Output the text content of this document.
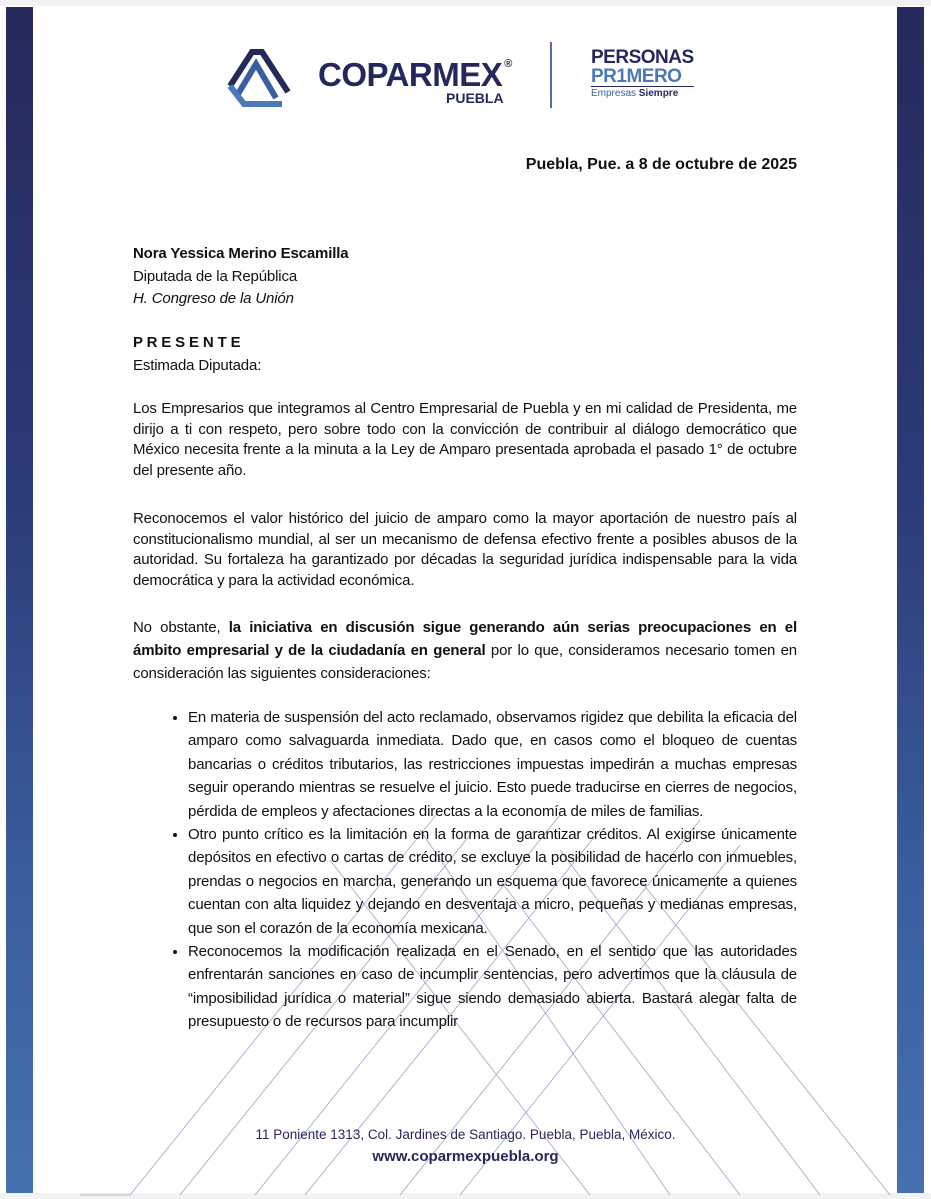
COPARMEX ®
PUEBLA
PERSONAS
PR1MERO
Empresas Siempre
Puebla, Pue. a 8 de octubre de 2025
Nora Yessica Merino Escamilla
Diputada de la República
H. Congreso de la Unión
P R E S E N T E
Estimada Diputada:
Los Empresarios que integramos al Centro Empresarial de Puebla y en mi calidad de Presidenta, me dirijo a ti con respeto, pero sobre todo con la convicción de contribuir al diálogo democrático que México necesita frente a la minuta a la Ley de Amparo presentada aprobada el pasado 1° de octubre del presente año.
Reconocemos el valor histórico del juicio de amparo como la mayor aportación de nuestro país al constitucionalismo mundial, al ser un mecanismo de defensa efectivo frente a posibles abusos de la autoridad. Su fortaleza ha garantizado por décadas la seguridad jurídica indispensable para la vida democrática y para la actividad económica.
No obstante, la iniciativa en discusión sigue generando aún serias preocupaciones en el ámbito empresarial y de la ciudadanía en general por lo que, consideramos necesario tomen en consideración las siguientes consideraciones:
• En materia de suspensión del acto reclamado, observamos rigidez que debilita la eficacia del amparo como salvaguarda inmediata. Dado que, en casos como el bloqueo de cuentas bancarias o créditos tributarios, las restricciones impuestas impedirán a muchas empresas seguir operando mientras se resuelve el juicio. Esto puede traducirse en cierres de negocios, pérdida de empleos y afectaciones directas a la economía de miles de familias.
• Otro punto crítico es la limitación en la forma de garantizar créditos. Al exigirse únicamente depósitos en efectivo o cartas de crédito, se excluye la posibilidad de hacerlo con inmuebles, prendas o negocios en marcha, generando un esquema que favorece únicamente a quienes cuentan con alta liquidez y dejando en desventaja a micro, pequeñas y medianas empresas, que son el corazón de la economía mexicana.
• Reconocemos la modificación realizada en el Senado, en el sentido que las autoridades enfrentarán sanciones en caso de incumplir sentencias, pero advertimos que la cláusula de “imposibilidad jurídica o material” sigue siendo demasiado abierta. Bastará alegar falta de presupuesto o de recursos para incumplir
11 Poniente 1313, Col. Jardines de Santiago. Puebla, Puebla, México.
www.coparmexpuebla.org
